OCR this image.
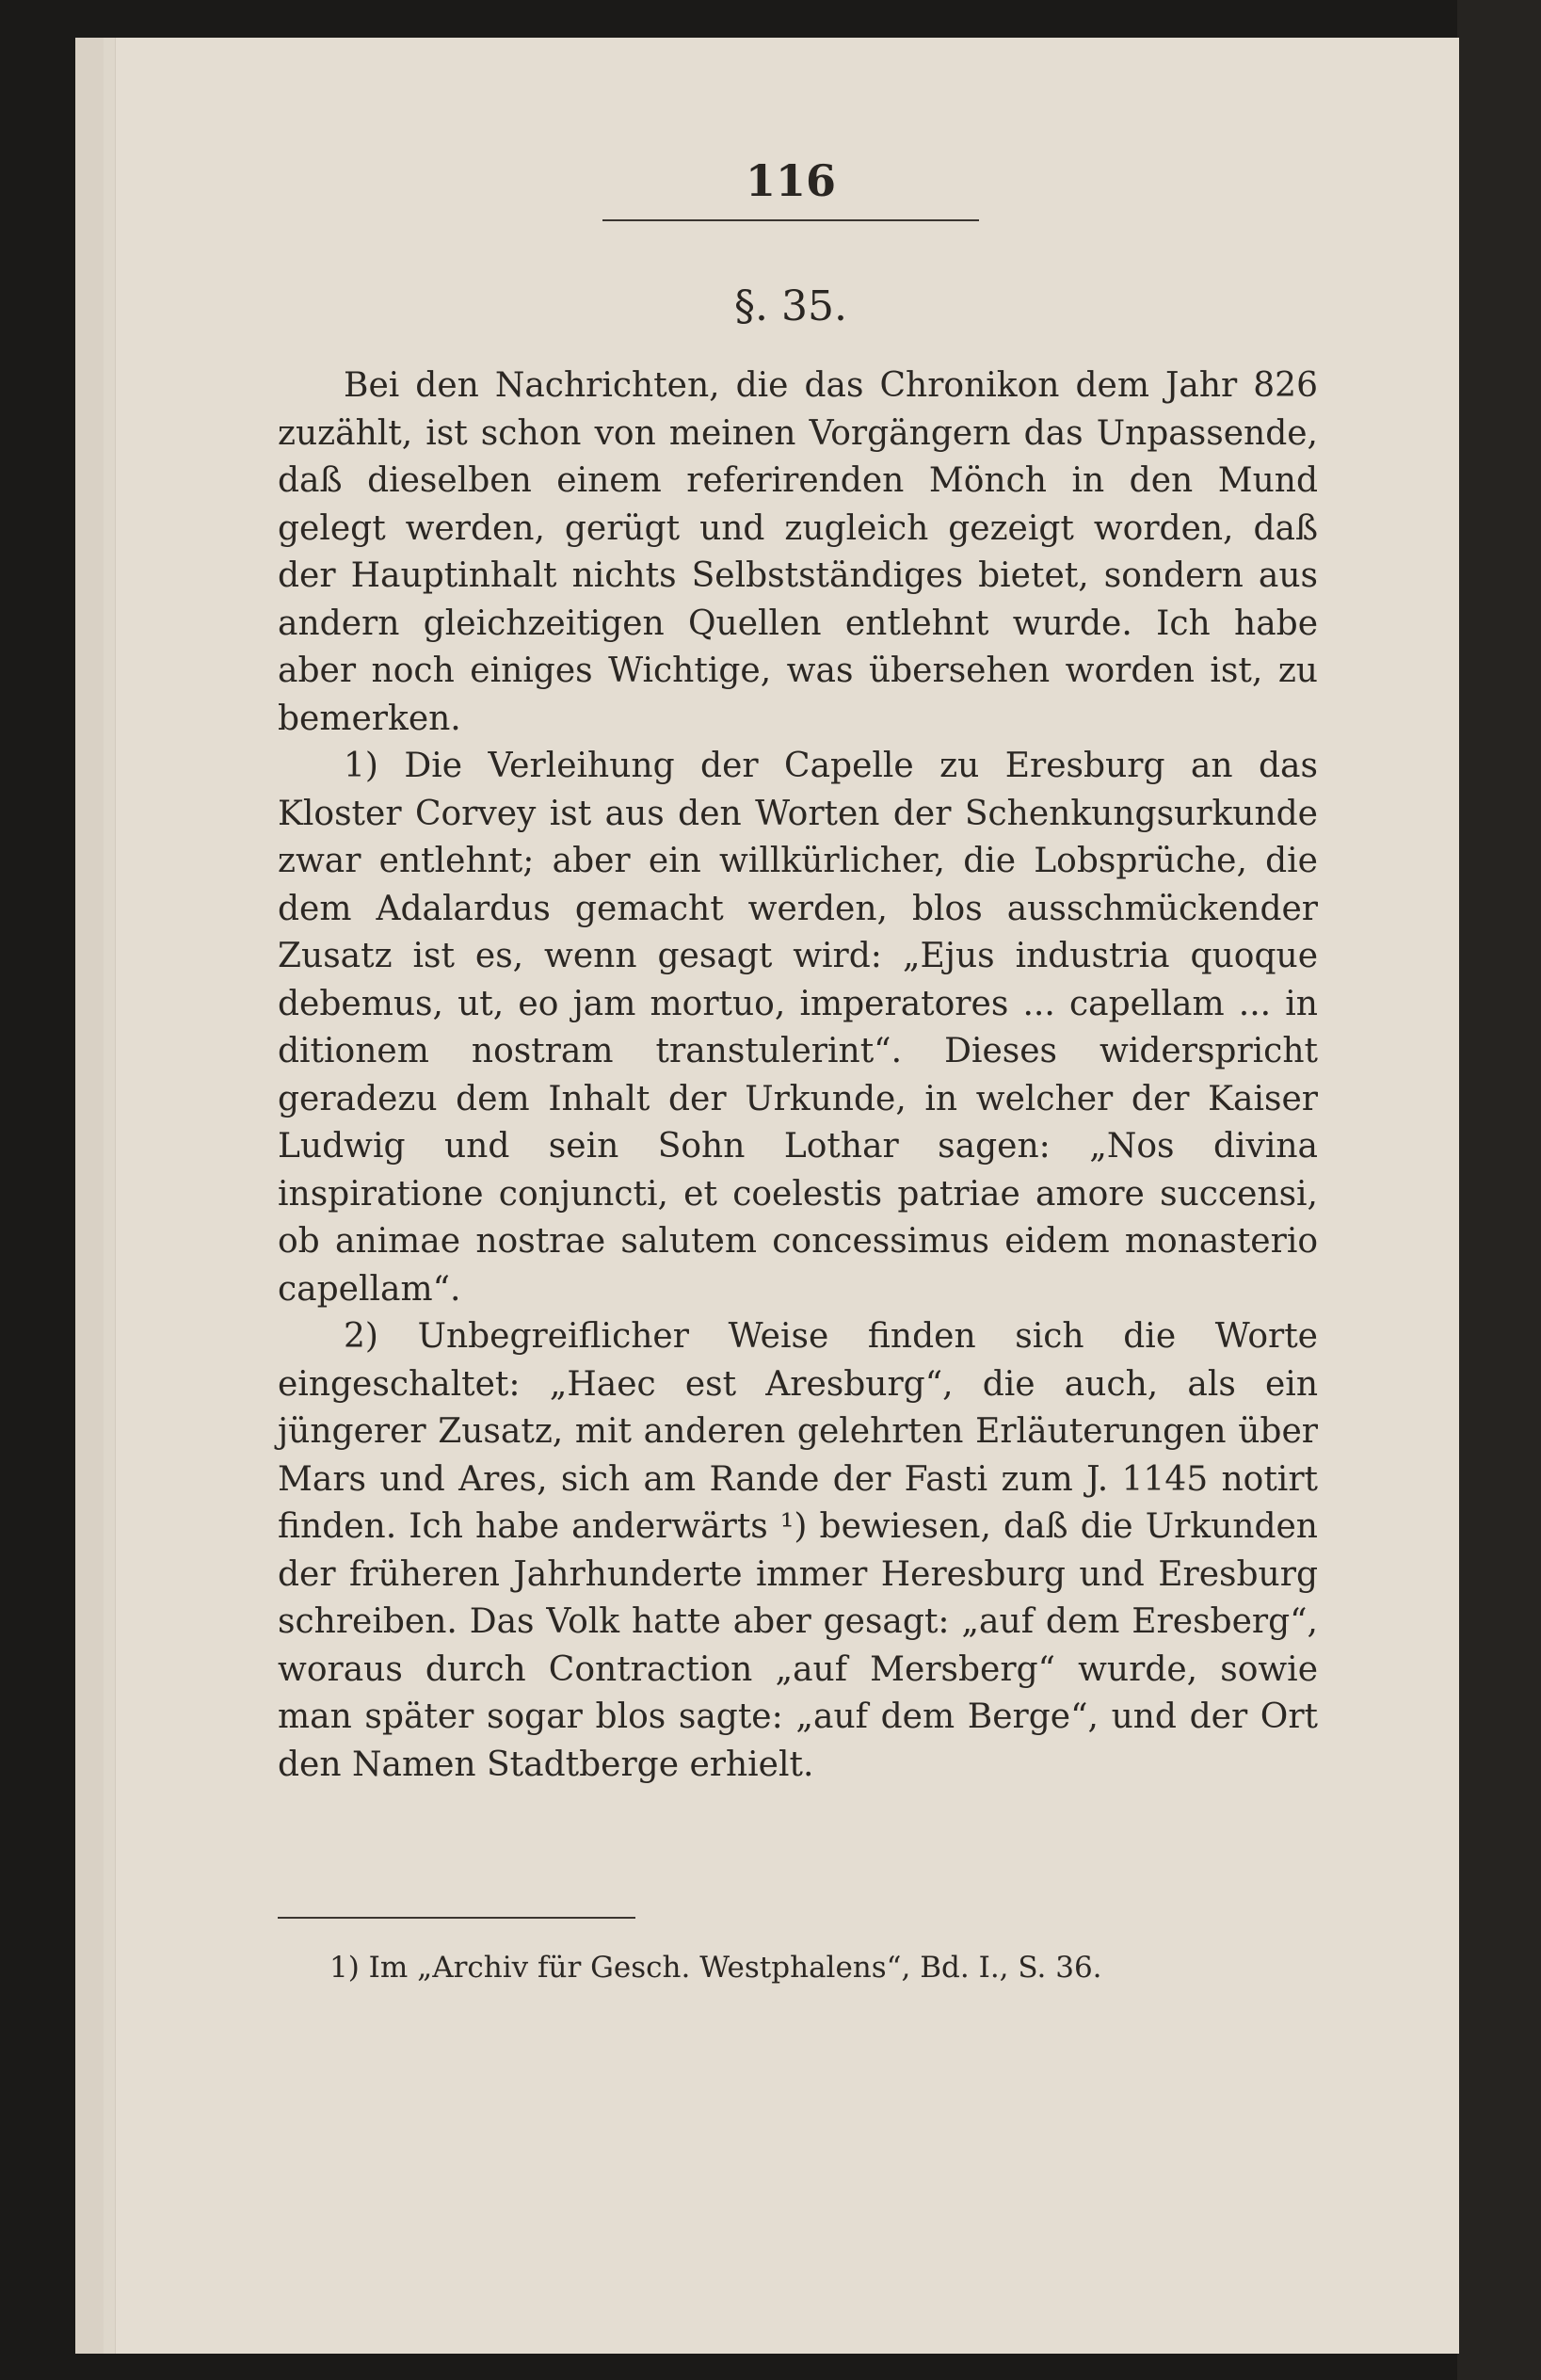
116
§. 35.

Bei den Nachrichten, die das Chronikon dem Jahr 826 zuzählt, ist schon von meinen Vorgängern das Unpassende, daß dieselben einem referirenden Mönch in den Mund gelegt werden, gerügt und zugleich gezeigt worden, daß der Hauptinhalt nichts Selbstständiges bietet, sondern aus andern gleichzeitigen Quellen entlehnt wurde. Ich habe aber noch einiges Wichtige, was übersehen worden ist, zu bemerken.

1) Die Verleihung der Capelle zu Eresburg an das Kloster Corvey ist aus den Worten der Schenkungsurkunde zwar entlehnt; aber ein willkürlicher, die Lobsprüche, die dem Adalardus gemacht werden, blos ausschmückender Zusatz ist es, wenn gesagt wird: „Ejus industria quoque debemus, ut, eo jam mortuo, imperatores ... capellam ... in ditionem nostram transtulerint“. Dieses widerspricht geradezu dem Inhalt der Urkunde, in welcher der Kaiser Ludwig und sein Sohn Lothar sagen: „Nos divina inspiratione conjuncti, et coelestis patriae amore succensi, ob animae nostrae salutem concessimus eidem monasterio capellam“.

2) Unbegreiflicher Weise finden sich die Worte eingeschaltet: „Haec est Aresburg“, die auch, als ein jüngerer Zusatz, mit anderen gelehrten Erläuterungen über Mars und Ares, sich am Rande der Fasti zum J. 1145 notirt finden. Ich habe anderwärts ¹) bewiesen, daß die Urkunden der früheren Jahrhunderte immer Heresburg und Eresburg schreiben. Das Volk hatte aber gesagt: „auf dem Eresberg“, woraus durch Contraction „auf Mersberg“ wurde, sowie man später sogar blos sagte: „auf dem Berge“, und der Ort den Namen Stadtberge erhielt.

1) Im „Archiv für Gesch. Westphalens“, Bd. I., S. 36.
